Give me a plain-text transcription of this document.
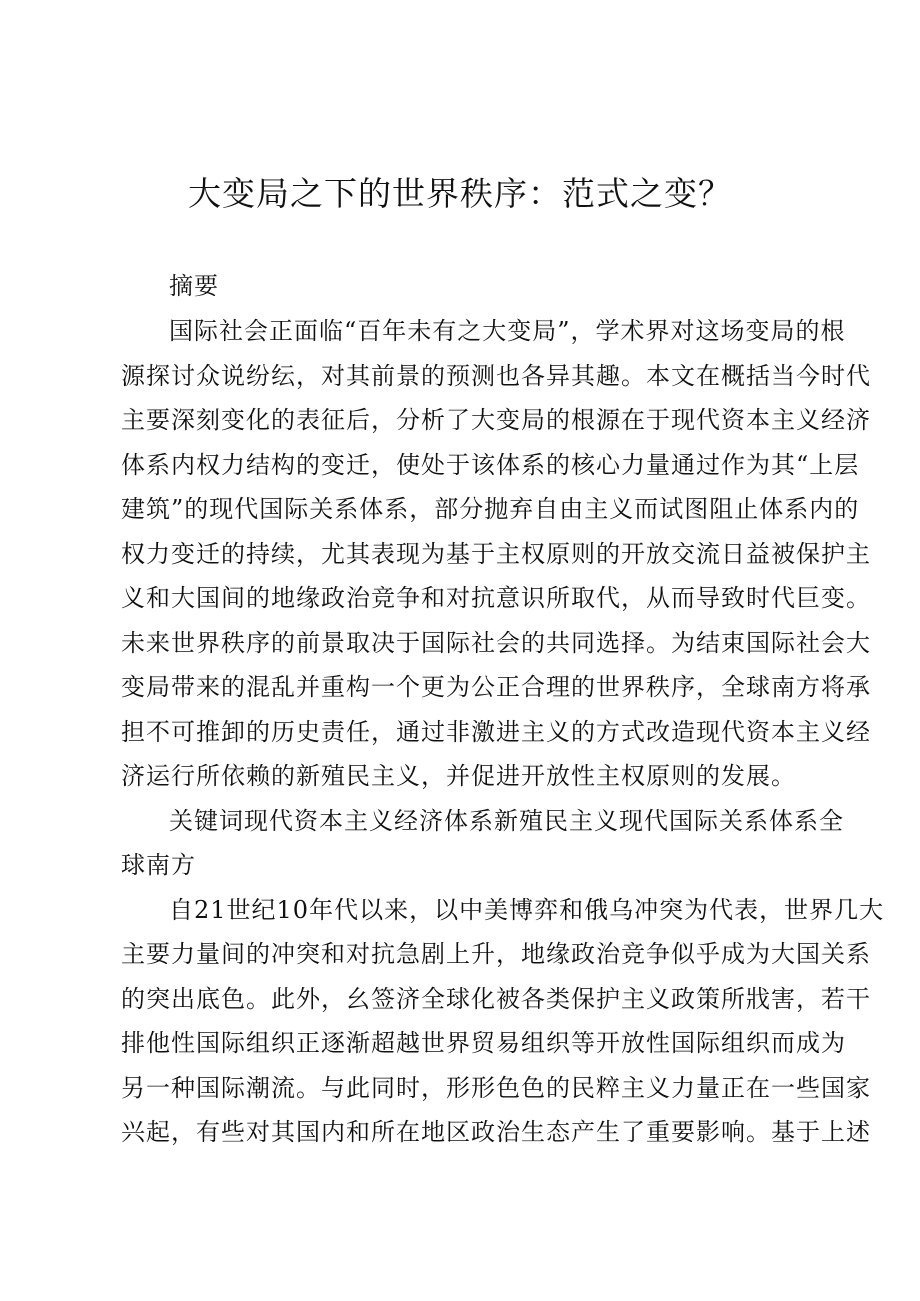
大变局之下的世界秩序：范式之变？
摘要
国际社会正面临“百年未有之大变局”，学术界对这场变局的根
源探讨众说纷纭，对其前景的预测也各异其趣。本文在概括当今时代
主要深刻变化的表征后，分析了大变局的根源在于现代资本主义经济
体系内权力结构的变迁，使处于该体系的核心力量通过作为其“上层
建筑”的现代国际关系体系，部分抛弃自由主义而试图阻止体系内的
权力变迁的持续，尤其表现为基于主权原则的开放交流日益被保护主
义和大国间的地缘政治竞争和对抗意识所取代，从而导致时代巨变。
未来世界秩序的前景取决于国际社会的共同选择。为结束国际社会大
变局带来的混乱并重构一个更为公正合理的世界秩序，全球南方将承
担不可推卸的历史责任，通过非激进主义的方式改造现代资本主义经
济运行所依赖的新殖民主义，并促进开放性主权原则的发展。
关键词现代资本主义经济体系新殖民主义现代国际关系体系全
球南方
自21世纪10年代以来，以中美博弈和俄乌冲突为代表，世界几大
主要力量间的冲突和对抗急剧上升，地缘政治竞争似乎成为大国关系
的突出底色。此外，幺签济全球化被各类保护主义政策所戕害，若干
排他性国际组织正逐渐超越世界贸易组织等开放性国际组织而成为
另一种国际潮流。与此同时，形形色色的民粹主义力量正在一些国家
兴起，有些对其国内和所在地区政治生态产生了重要影响。基于上述
